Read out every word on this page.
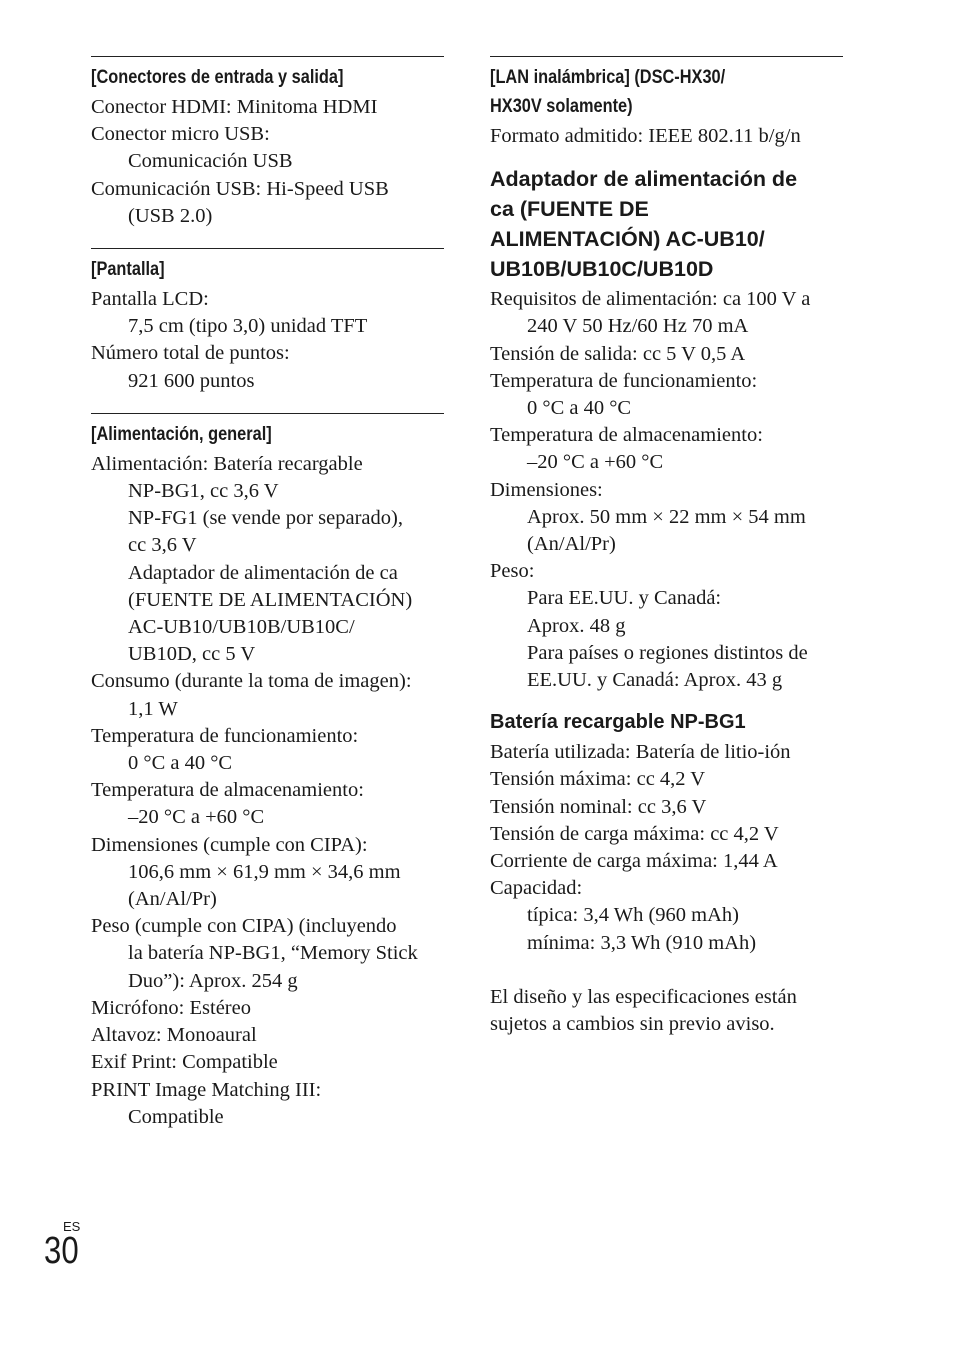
[Conectores de entrada y salida]
Conector HDMI: Minitoma HDMI
Conector micro USB:
Comunicación USB
Comunicación USB: Hi-Speed USB
(USB 2.0)
[Pantalla]
Pantalla LCD:
7,5 cm (tipo 3,0) unidad TFT
Número total de puntos:
921 600 puntos
[Alimentación, general]
Alimentación: Batería recargable
NP-BG1, cc 3,6 V
NP-FG1 (se vende por separado),
cc 3,6 V
Adaptador de alimentación de ca
(FUENTE DE ALIMENTACIÓN)
AC-UB10/UB10B/UB10C/
UB10D, cc 5 V
Consumo (durante la toma de imagen):
1,1 W
Temperatura de funcionamiento:
0 °C a 40 °C
Temperatura de almacenamiento:
–20 °C a +60 °C
Dimensiones (cumple con CIPA):
106,6 mm × 61,9 mm × 34,6 mm
(An/Al/Pr)
Peso (cumple con CIPA) (incluyendo
la batería NP-BG1, “Memory Stick
Duo”): Aprox. 254 g
Micrófono: Estéreo
Altavoz: Monoaural
Exif Print: Compatible
PRINT Image Matching III:
Compatible
[LAN inalámbrica] (DSC-HX30/
HX30V solamente)
Formato admitido: IEEE 802.11 b/g/n
Adaptador de alimentación de
ca (FUENTE DE
ALIMENTACIÓN) AC-UB10/
UB10B/UB10C/UB10D
Requisitos de alimentación: ca 100 V a
240 V 50 Hz/60 Hz 70 mA
Tensión de salida: cc 5 V 0,5 A
Temperatura de funcionamiento:
0 °C a 40 °C
Temperatura de almacenamiento:
–20 °C a +60 °C
Dimensiones:
Aprox. 50 mm × 22 mm × 54 mm
(An/Al/Pr)
Peso:
Para EE.UU. y Canadá:
Aprox. 48 g
Para países o regiones distintos de
EE.UU. y Canadá: Aprox. 43 g
Batería recargable NP-BG1
Batería utilizada: Batería de litio-ión
Tensión máxima: cc 4,2 V
Tensión nominal: cc 3,6 V
Tensión de carga máxima: cc 4,2 V
Corriente de carga máxima: 1,44 A
Capacidad:
típica: 3,4 Wh (960 mAh)
mínima: 3,3 Wh (910 mAh)
El diseño y las especificaciones están
sujetos a cambios sin previo aviso.
ES
30
